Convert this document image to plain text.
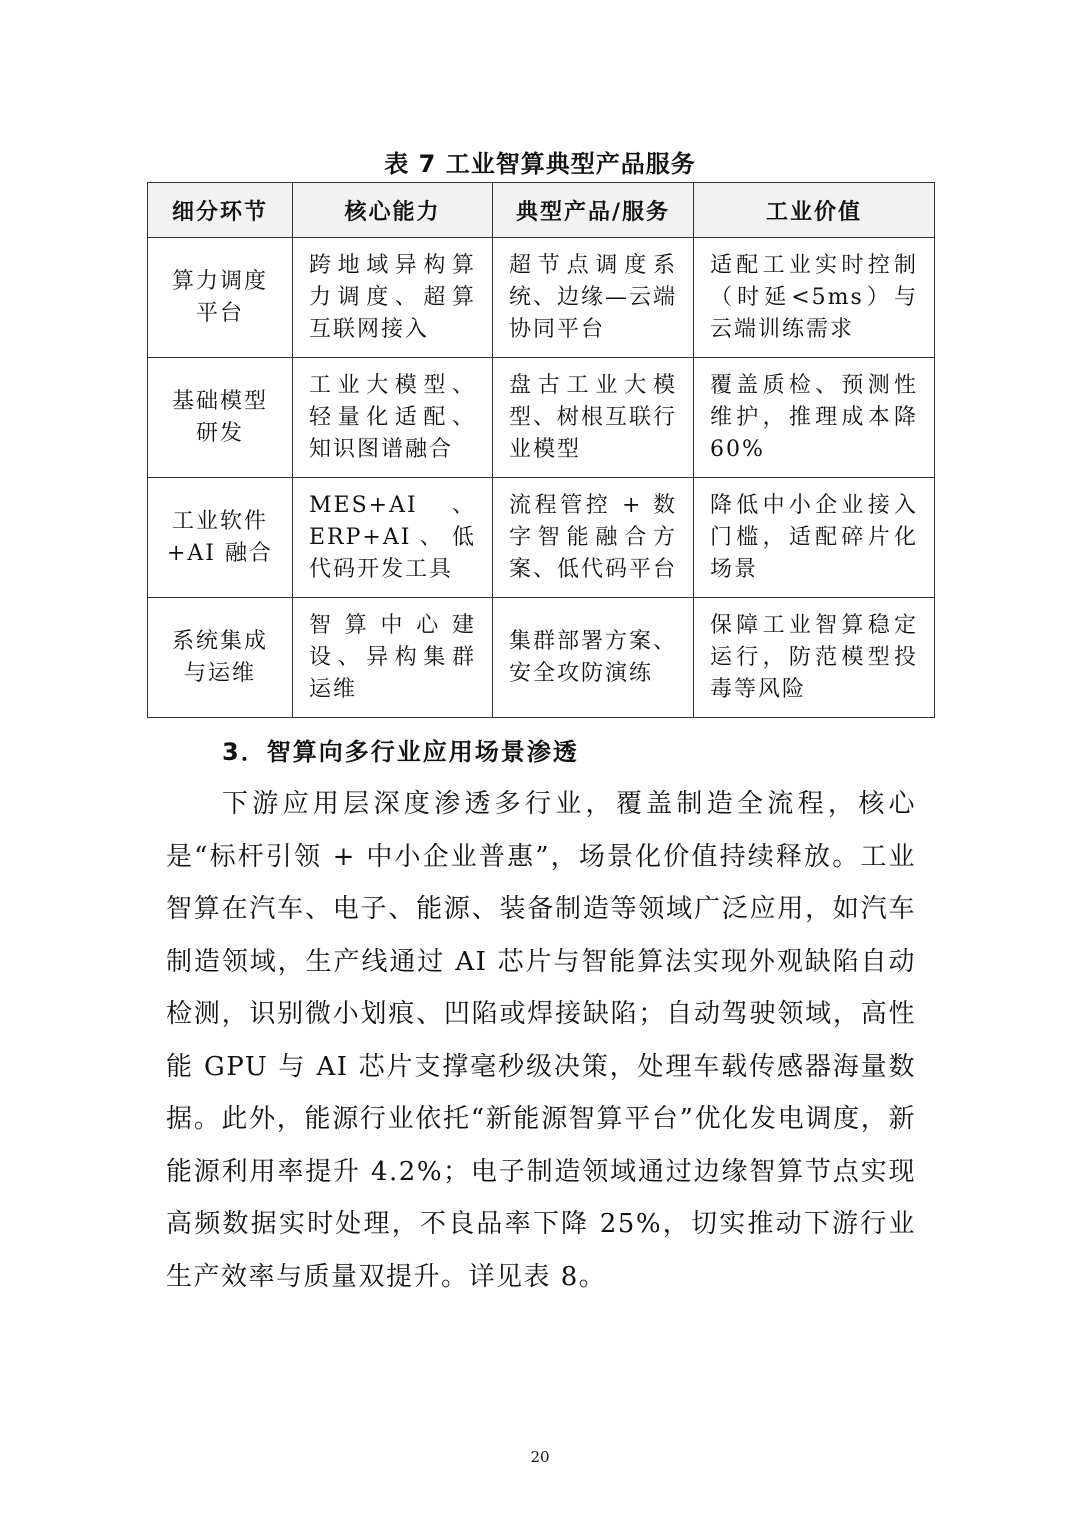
表 7 工业智算典型产品服务
细分环节	核心能力	典型产品/服务	工业价值
算力调度平台	跨地域异构算力调度、超算互联网接入	超节点调度系统、边缘—云端协同平台	适配工业实时控制（时延<5ms）与云端训练需求
基础模型研发	工业大模型、轻量化适配、知识图谱融合	盘古工业大模型、树根互联行业模型	覆盖质检、预测性维护，推理成本降60%
工业软件+AI 融合	MES+AI、ERP+AI、低代码开发工具	流程管控 + 数字智能融合方案、低代码平台	降低中小企业接入门槛，适配碎片化场景
系统集成与运维	智算中心建设、异构集群运维	集群部署方案、安全攻防演练	保障工业智算稳定运行，防范模型投毒等风险
3．智算向多行业应用场景渗透

下游应用层深度渗透多行业，覆盖制造全流程，核心是“标杆引领 + 中小企业普惠”，场景化价值持续释放。工业智算在汽车、电子、能源、装备制造等领域广泛应用，如汽车制造领域，生产线通过 AI 芯片与智能算法实现外观缺陷自动检测，识别微小划痕、凹陷或焊接缺陷；自动驾驶领域，高性能 GPU 与 AI 芯片支撑毫秒级决策，处理车载传感器海量数据。此外，能源行业依托“新能源智算平台”优化发电调度，新能源利用率提升 4.2%；电子制造领域通过边缘智算节点实现高频数据实时处理，不良品率下降 25%，切实推动下游行业生产效率与质量双提升。详见表 8。

20
